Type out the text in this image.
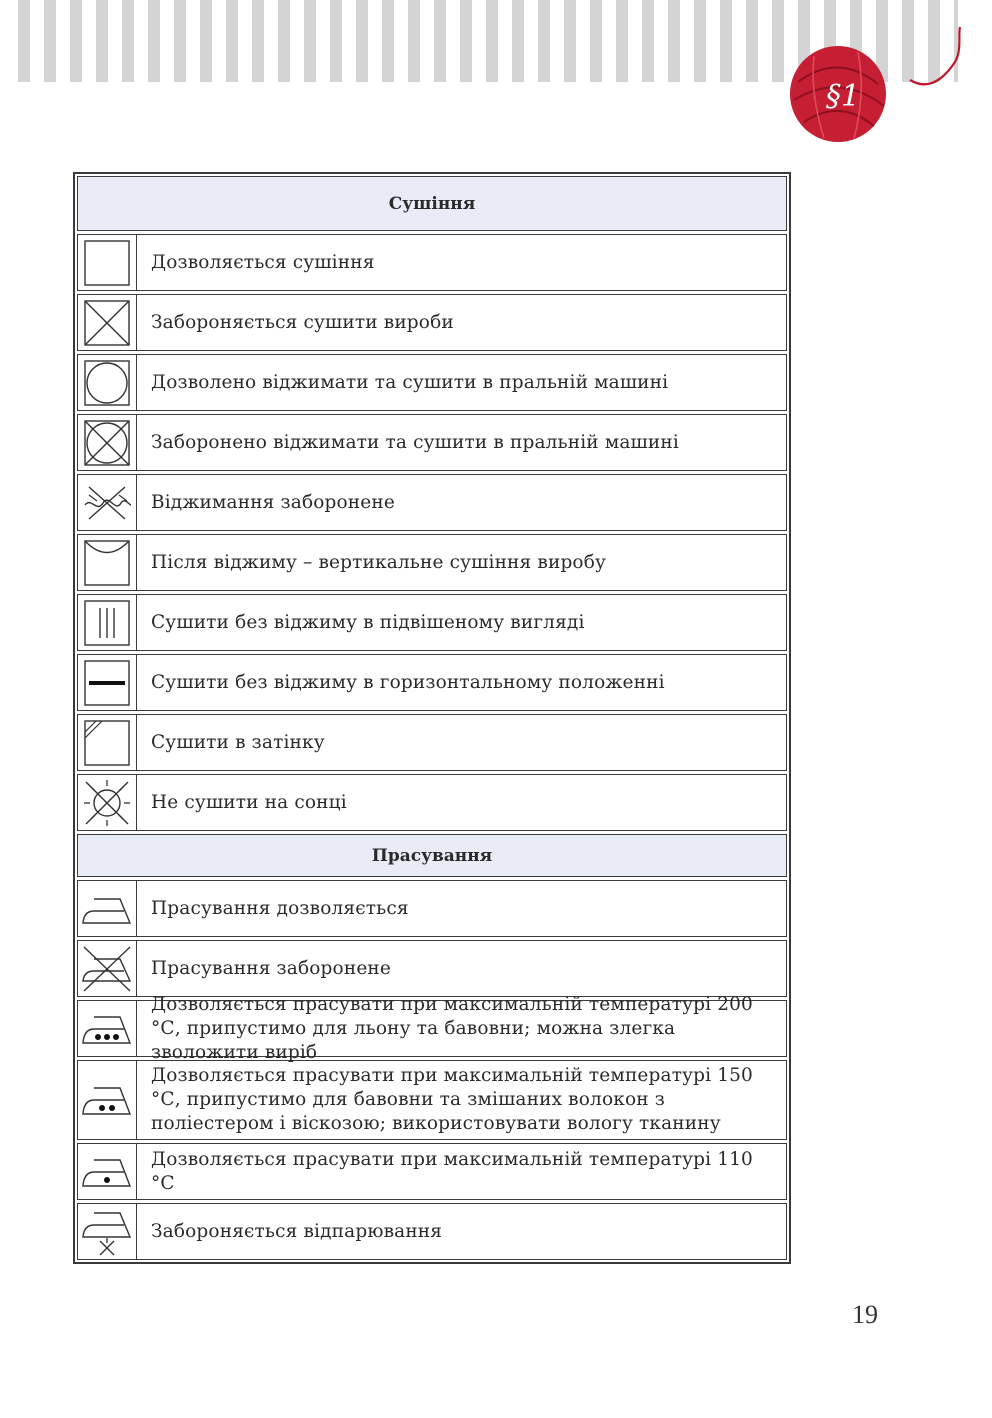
§1
Сушіння
Дозволяється сушіння
Забороняється сушити вироби
Дозволено віджимати та сушити в пральній машині
Заборонено віджимати та сушити в пральній машині
Віджимання заборонене
Після віджиму – вертикальне сушіння виробу
Сушити без віджиму в підвішеному вигляді
Сушити без віджиму в горизонтальному положенні
Сушити в затінку
Не сушити на сонці
Прасування
Прасування дозволяється
Прасування заборонене
Дозволяється прасувати при максимальній температурі 200 °С, припустимо для льону та бавовни; можна злегка зволожити виріб
Дозволяється прасувати при максимальній температурі 150 °С, припустимо для бавовни та змішаних волокон з поліестером і віскозою; використовувати вологу тканину
Дозволяється прасувати при максимальній температурі 110 °С
Забороняється відпарювання
19
